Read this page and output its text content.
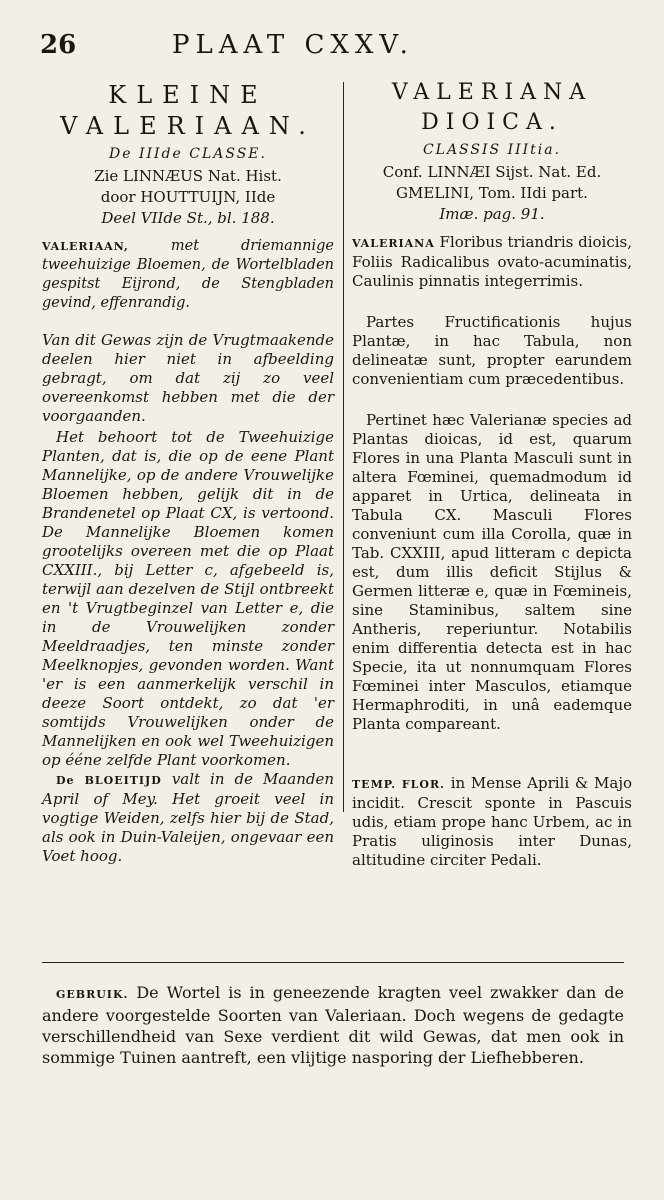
26	PLAAT CXXV.
KLEINE
VALERIAAN.
De IIIde CLASSE.
Zie LINNÆUS Nat. Hist.
door HOUTTUIJN, IIde
Deel VIIde St., bl. 188.
VALERIAAN,	met driemannige tweehuizige Bloemen, de Wortelbladen gespitst Eijrond, de Stengbladen gevind, effenrandig.
Van dit Gewas zijn de Vrugtmaakende deelen hier niet in afbeelding gebragt, om dat zij zo veel overeenkomst hebben met die der voorgaanden.
Het behoort tot de Tweehuizige Planten, dat is, die op de eene Plant Mannelijke, op de andere Vrouwelijke Bloemen hebben, gelijk dit in de Brandenetel op Plaat CX, is vertoond. De Mannelijke Bloemen komen grootelijks overeen met die op Plaat CXXIII., bij Letter c, afgebeeld is, terwijl aan dezelven de Stijl ontbreekt en 't Vrugtbeginzel van Letter e, die in de Vrouwelijken zonder Meeldraadjes, ten minste zonder Meelknopjes, gevonden worden. Want 'er is een aanmerkelijk verschil in deeze Soort ontdekt, zo dat 'er somtijds Vrouwelijken onder de Mannelijken en ook wel Tweehuizigen op ééne zelfde Plant voorkomen.
De BLOEITIJD valt in de Maanden April of Mey. Het groeit veel in vogtige Weiden, zelfs hier bij de Stad, als ook in Duin-Valeijen, ongevaar een Voet hoog.
VALERIANA
DIOICA.
CLASSIS IIItia.
Conf. LINNÆI Sijst. Nat. Ed.
GMELINI, Tom. IIdi part.
Imæ. pag. 91.
VALERIANA Floribus triandris dioicis, Foliis Radicalibus ovato-acuminatis, Caulinis pinnatis integerrimis.
Partes Fructificationis hujus Plantæ, in hac Tabula, non delineatæ sunt, propter earundem convenientiam cum præcedentibus.
Pertinet hæc Valerianæ species ad Plantas dioicas, id est, quarum Flores in una Planta Masculi sunt in altera Fœminei, quemadmodum id apparet in Urtica, delineata in Tabula CX. Masculi Flores conveniunt cum illa Corolla, quæ in Tab. CXXIII, apud litteram c depicta est, dum illis deficit Stijlus & Germen litteræ e, quæ in Fœmineis, sine Staminibus, saltem sine Antheris, reperiuntur. Notabilis enim differentia detecta est in hac Specie, ita ut nonnumquam Flores Fœminei inter Masculos, etiamque Hermaphroditi, in unâ eademque Planta compareant.
TEMP. FLOR. in Mense Aprili & Majo incidit. Crescit sponte in Pascuis udis, etiam prope hanc Urbem, ac in Pratis uliginosis inter Dunas, altitudine circiter Pedali.
GEBRUIK. De Wortel is in geneezende kragten veel zwakker dan de andere voorgestelde Soorten van Valeriaan. Doch wegens de gedagte verschillendheid van Sexe verdient dit wild Gewas, dat men ook in sommige Tuinen aantreft, een vlijtige nasporing der Liefhebberen.
